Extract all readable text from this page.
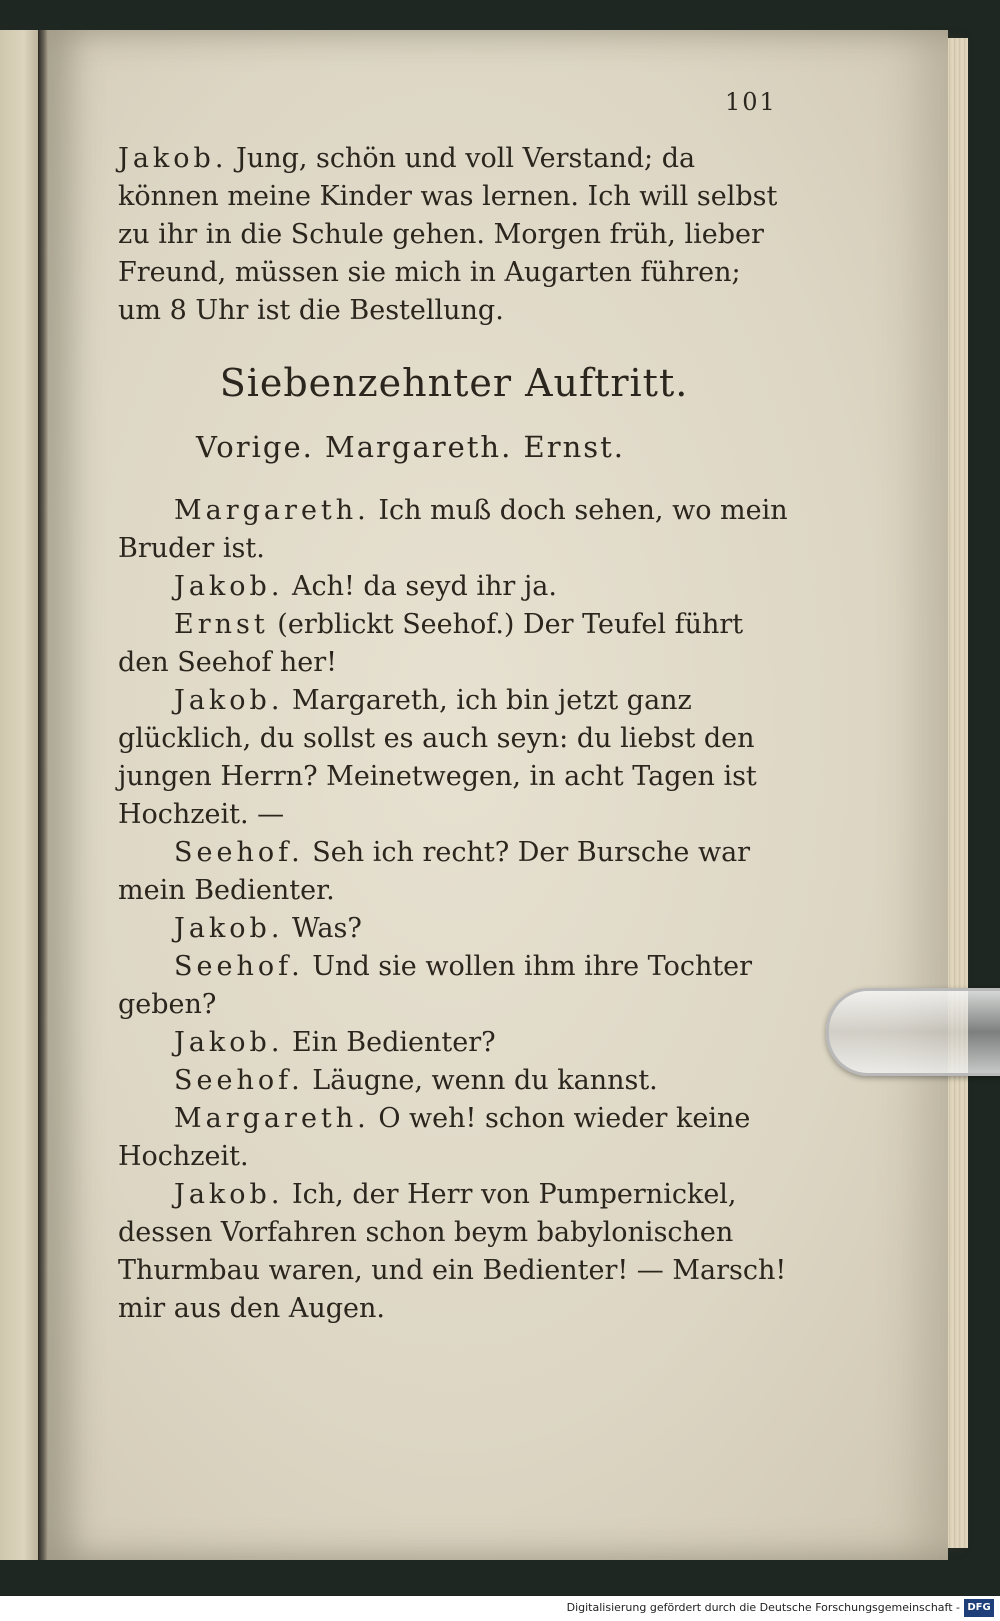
101

Jakob. Jung, schön und voll Verstand; da können meine Kinder was lernen. Ich will selbst zu ihr in die Schule gehen. Morgen früh, lieber Freund, müssen sie mich in Augarten führen; um 8 Uhr ist die Bestellung.

Siebenzehnter Auftritt.

Vorige. Margareth. Ernst.

Margareth. Ich muß doch sehen, wo mein Bruder ist.

Jakob. Ach! da seyd ihr ja.

Ernst (erblickt Seehof.) Der Teufel führt den Seehof her!

Jakob. Margareth, ich bin jetzt ganz glücklich, du sollst es auch seyn: du liebst den jungen Herrn? Meinetwegen, in acht Tagen ist Hochzeit. —

Seehof. Seh ich recht? Der Bursche war mein Bedienter.

Jakob. Was?

Seehof. Und sie wollen ihm ihre Tochter geben?

Jakob. Ein Bedienter?

Seehof. Läugne, wenn du kannst.

Margareth. O weh! schon wieder keine Hochzeit.

Jakob. Ich, der Herr von Pumpernickel, dessen Vorfahren schon beym babylonischen Thurmbau waren, und ein Bedienter! — Marsch! mir aus den Augen.

Digitalisierung gefördert durch die Deutsche Forschungsgemeinschaft - DFG
